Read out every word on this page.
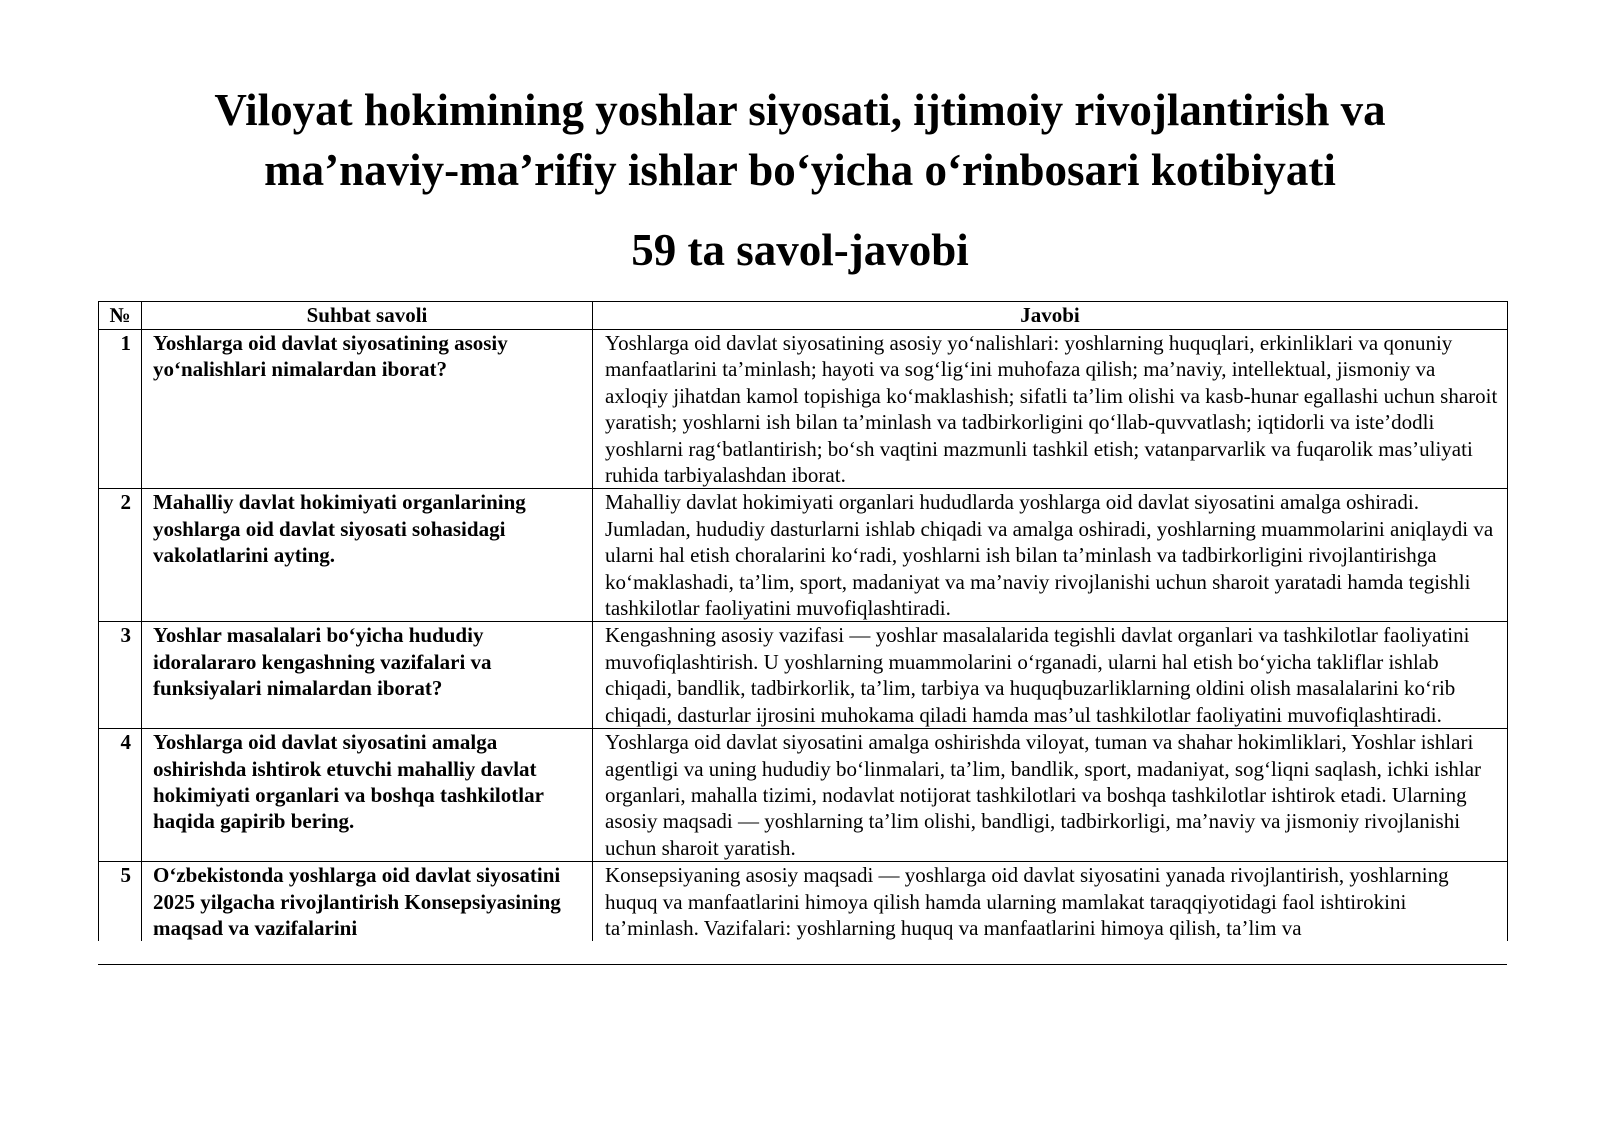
Viloyat hokimining yoshlar siyosati, ijtimoiy rivojlantirish va
ma’naviy-ma’rifiy ishlar bo‘yicha o‘rinbosari kotibiyati
59 ta savol-javobi
№	Suhbat savoli	Javobi
1	Yoshlarga oid davlat siyosatining asosiy yo‘nalishlari nimalardan iborat?	Yoshlarga oid davlat siyosatining asosiy yo‘nalishlari: yoshlarning huquqlari, erkinliklari va qonuniy manfaatlarini ta’minlash; hayoti va sog‘lig‘ini muhofaza qilish; ma’naviy, intellektual, jismoniy va axloqiy jihatdan kamol topishiga ko‘maklashish; sifatli ta’lim olishi va kasb-hunar egallashi uchun sharoit yaratish; yoshlarni ish bilan ta’minlash va tadbirkorligini qo‘llab-quvvatlash; iqtidorli va iste’dodli yoshlarni rag‘batlantirish; bo‘sh vaqtini mazmunli tashkil etish; vatanparvarlik va fuqarolik mas’uliyati ruhida tarbiyalashdan iborat.
2	Mahalliy davlat hokimiyati organlarining yoshlarga oid davlat siyosati sohasidagi vakolatlarini ayting.	Mahalliy davlat hokimiyati organlari hududlarda yoshlarga oid davlat siyosatini amalga oshiradi. Jumladan, hududiy dasturlarni ishlab chiqadi va amalga oshiradi, yoshlarning muammolarini aniqlaydi va ularni hal etish choralarini ko‘radi, yoshlarni ish bilan ta’minlash va tadbirkorligini rivojlantirishga ko‘maklashadi, ta’lim, sport, madaniyat va ma’naviy rivojlanishi uchun sharoit yaratadi hamda tegishli tashkilotlar faoliyatini muvofiqlashtiradi.
3	Yoshlar masalalari bo‘yicha hududiy idoralararo kengashning vazifalari va funksiyalari nimalardan iborat?	Kengashning asosiy vazifasi — yoshlar masalalarida tegishli davlat organlari va tashkilotlar faoliyatini muvofiqlashtirish. U yoshlarning muammolarini o‘rganadi, ularni hal etish bo‘yicha takliflar ishlab chiqadi, bandlik, tadbirkorlik, ta’lim, tarbiya va huquqbuzarliklarning oldini olish masalalarini ko‘rib chiqadi, dasturlar ijrosini muhokama qiladi hamda mas’ul tashkilotlar faoliyatini muvofiqlashtiradi.
4	Yoshlarga oid davlat siyosatini amalga oshirishda ishtirok etuvchi mahalliy davlat hokimiyati organlari va boshqa tashkilotlar haqida gapirib bering.	Yoshlarga oid davlat siyosatini amalga oshirishda viloyat, tuman va shahar hokimliklari, Yoshlar ishlari agentligi va uning hududiy bo‘linmalari, ta’lim, bandlik, sport, madaniyat, sog‘liqni saqlash, ichki ishlar organlari, mahalla tizimi, nodavlat notijorat tashkilotlari va boshqa tashkilotlar ishtirok etadi. Ularning asosiy maqsadi — yoshlarning ta’lim olishi, bandligi, tadbirkorligi, ma’naviy va jismoniy rivojlanishi uchun sharoit yaratish.
5	O‘zbekistonda yoshlarga oid davlat siyosatini 2025 yilgacha rivojlantirish Konsepsiyasining maqsad va vazifalarini	Konsepsiyaning asosiy maqsadi — yoshlarga oid davlat siyosatini yanada rivojlantirish, yoshlarning huquq va manfaatlarini himoya qilish hamda ularning mamlakat taraqqiyotidagi faol ishtirokini ta’minlash. Vazifalari: yoshlarning huquq va manfaatlarini himoya qilish, ta’lim va
